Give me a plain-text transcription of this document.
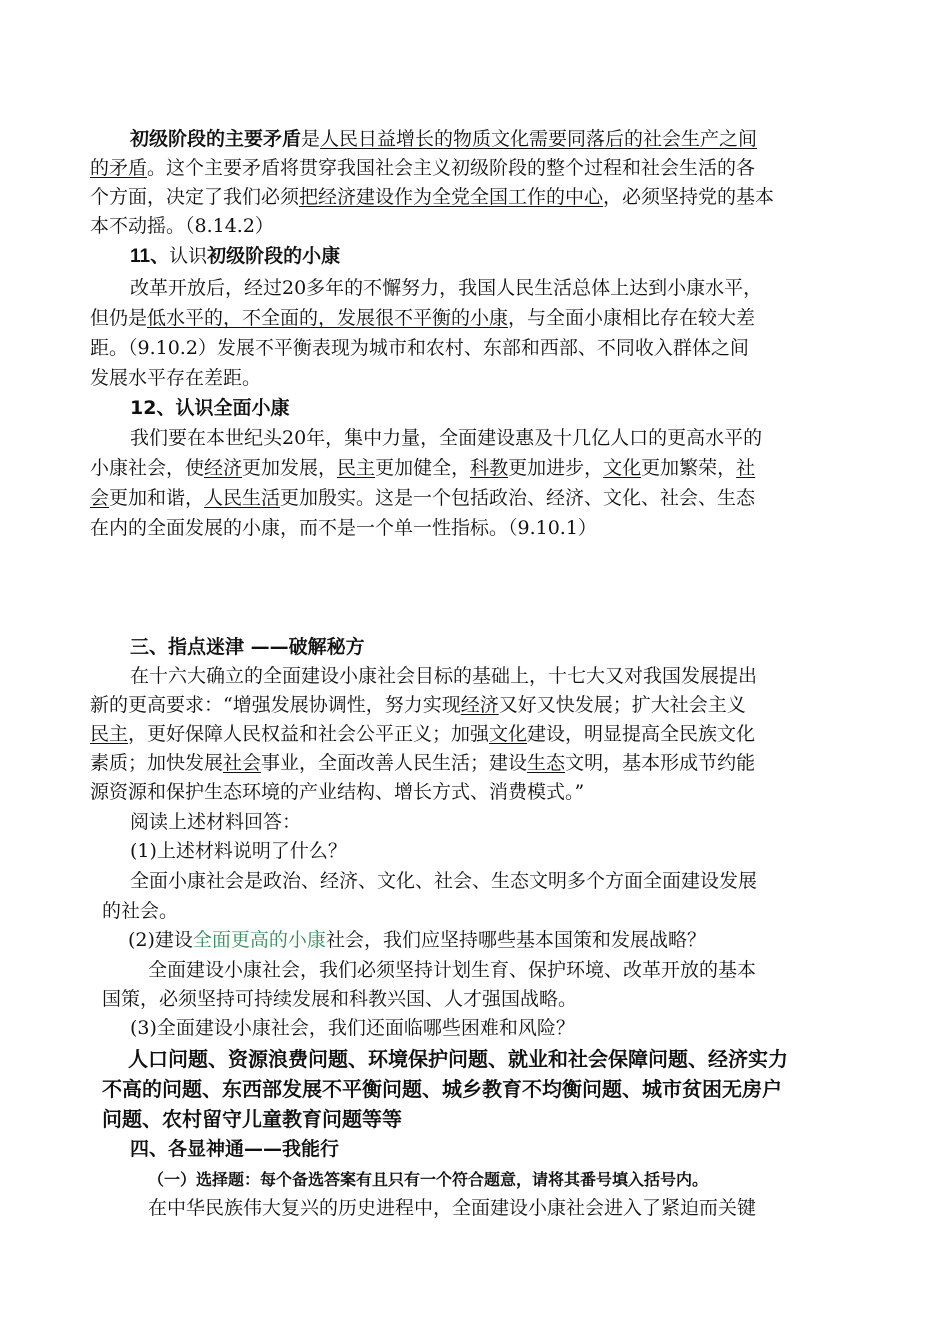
初级阶段的主要矛盾是人民日益增长的物质文化需要同落后的社会生产之间
的矛盾。这个主要矛盾将贯穿我国社会主义初级阶段的整个过程和社会生活的各
个方面，决定了我们必须把经济建设作为全党全国工作的中心，必须坚持党的基本
本不动摇。（8.14.2）
11、认识初级阶段的小康
改革开放后，经过20多年的不懈努力，我国人民生活总体上达到小康水平，
但仍是低水平的，不全面的，发展很不平衡的小康，与全面小康相比存在较大差
距。（9.10.2）发展不平衡表现为城市和农村、东部和西部、不同收入群体之间
发展水平存在差距。
12、认识全面小康
我们要在本世纪头20年，集中力量，全面建设惠及十几亿人口的更高水平的
小康社会，使经济更加发展，民主更加健全，科教更加进步，文化更加繁荣，社
会更加和谐，人民生活更加殷实。这是一个包括政治、经济、文化、社会、生态
在内的全面发展的小康，而不是一个单一性指标。（9.10.1）
三、指点迷津 ——破解秘方
在十六大确立的全面建设小康社会目标的基础上，十七大又对我国发展提出
新的更高要求：“增强发展协调性，努力实现经济又好又快发展；扩大社会主义
民主，更好保障人民权益和社会公平正义；加强文化建设，明显提高全民族文化
素质；加快发展社会事业，全面改善人民生活；建设生态文明，基本形成节约能
源资源和保护生态环境的产业结构、增长方式、消费模式。”
阅读上述材料回答：
(1)上述材料说明了什么？
全面小康社会是政治、经济、文化、社会、生态文明多个方面全面建设发展
的社会。
(2)建设全面更高的小康社会，我们应坚持哪些基本国策和发展战略？
全面建设小康社会，我们必须坚持计划生育、保护环境、改革开放的基本
国策，必须坚持可持续发展和科教兴国、人才强国战略。
(3)全面建设小康社会，我们还面临哪些困难和风险？
人口问题、资源浪费问题、环境保护问题、就业和社会保障问题、经济实力
不高的问题、东西部发展不平衡问题、城乡教育不均衡问题、城市贫困无房户
问题、农村留守儿童教育问题等等
四、各显神通——我能行
（一）选择题：每个备选答案有且只有一个符合题意，请将其番号填入括号内。
在中华民族伟大复兴的历史进程中，全面建设小康社会进入了紧迫而关键
